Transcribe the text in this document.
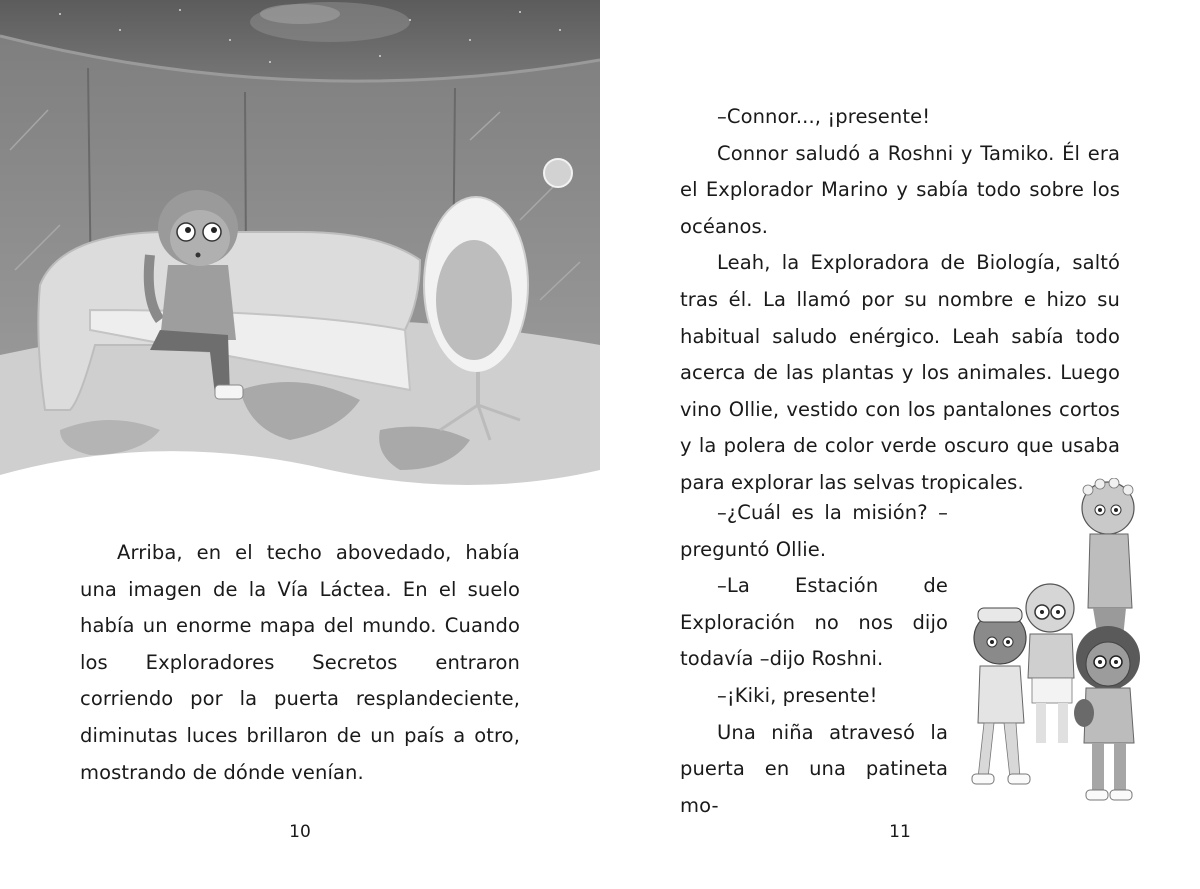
Arriba, en el techo abovedado, había una imagen de la Vía Láctea. En el suelo había un enorme mapa del mundo. Cuando los Exploradores Secretos entraron corriendo por la puerta resplandeciente, diminutas luces brillaron de un país a otro, mostrando de dónde venían.

10

–Connor..., ¡presente!

Connor saludó a Roshni y Tamiko. Él era el Explorador Marino y sabía todo sobre los océanos.

Leah, la Exploradora de Biología, saltó tras él. La llamó por su nombre e hizo su habitual saludo enérgico. Leah sabía todo acerca de las plantas y los animales. Luego vino Ollie, vestido con los pantalones cortos y la polera de color verde oscuro que usaba para explorar las selvas tropicales.

–¿Cuál es la misión? – preguntó Ollie.

–La Estación de Exploración no nos dijo todavía –dijo Roshni.

–¡Kiki, presente!

Una niña atravesó la puerta en una patineta mo-

11
